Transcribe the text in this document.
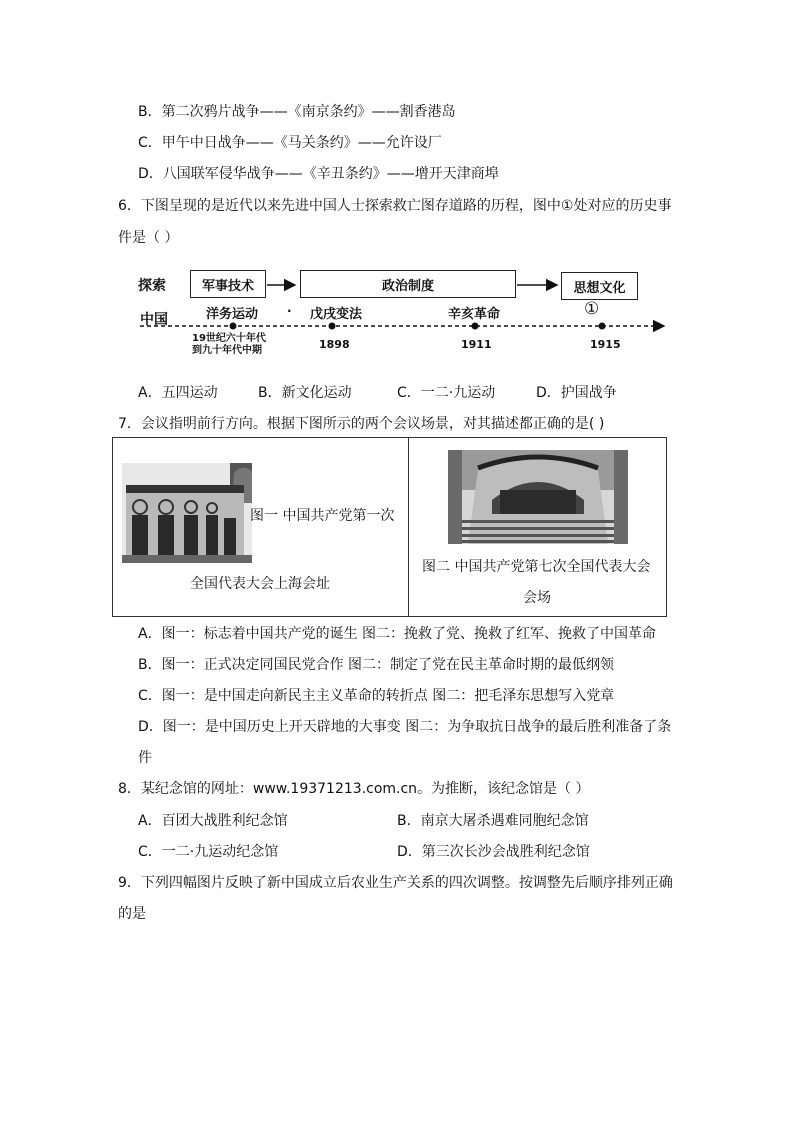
B．第二次鸦片战争——《南京条约》——割香港岛
C．甲午中日战争——《马关条约》——允许设厂
D．八国联军侵华战争——《辛丑条约》——增开天津商埠
6．下图呈现的是近代以来先进中国人士探索救亡图存道路的历程，图中①处对应的历史事
件是（ ）
探索
中国
军事技术	政治制度	思想文化
洋务运动 · 戊戌变法	辛亥革命	①
19世纪六十年代
到九十年代中期	1898	1911	1915
A．五四运动	B．新文化运动	C．一二·九运动	D．护国战争
7．会议指明前行方向。根据下图所示的两个会议场景，对其描述都正确的是( )
图一 中国共产党第一次
全国代表大会上海会址
图二 中国共产党第七次全国代表大会
会场
A．图一：标志着中国共产党的诞生 图二：挽救了党、挽救了红军、挽救了中国革命
B．图一：正式决定同国民党合作 图二：制定了党在民主革命时期的最低纲领
C．图一：是中国走向新民主主义革命的转折点 图二：把毛泽东思想写入党章
D．图一：是中国历史上开天辟地的大事变 图二：为争取抗日战争的最后胜利准备了条
件
8．某纪念馆的网址：www.19371213.com.cn。为推断，该纪念馆是（ ）
A．百团大战胜利纪念馆	B．南京大屠杀遇难同胞纪念馆
C．一二·九运动纪念馆	D．第三次长沙会战胜利纪念馆
9．下列四幅图片反映了新中国成立后农业生产关系的四次调整。按调整先后顺序排列正确
的是
